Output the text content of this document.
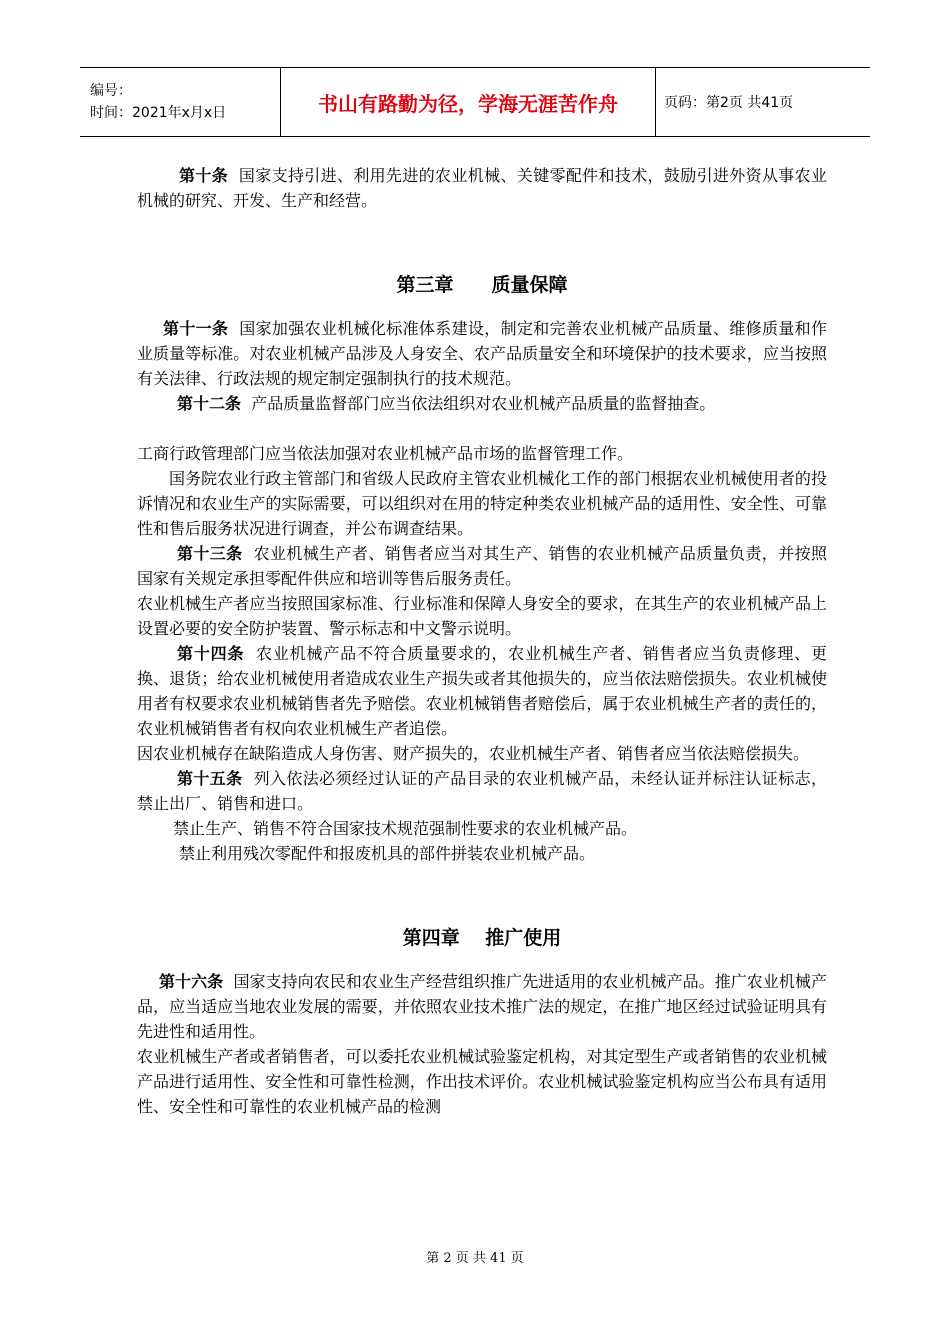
编号：
时间：2021年x月x日	书山有路勤为径，学海无涯苦作舟	页码：第2页 共41页

第十条 国家支持引进、利用先进的农业机械、关键零配件和技术，鼓励引进外资从事农业机械的研究、开发、生产和经营。

第三章　　质量保障

第十一条 国家加强农业机械化标准体系建设，制定和完善农业机械产品质量、维修质量和作业质量等标准。对农业机械产品涉及人身安全、农产品质量安全和环境保护的技术要求，应当按照有关法律、行政法规的规定制定强制执行的技术规范。

第十二条 产品质量监督部门应当依法组织对农业机械产品质量的监督抽查。

工商行政管理部门应当依法加强对农业机械产品市场的监督管理工作。

国务院农业行政主管部门和省级人民政府主管农业机械化工作的部门根据农业机械使用者的投诉情况和农业生产的实际需要，可以组织对在用的特定种类农业机械产品的适用性、安全性、可靠性和售后服务状况进行调查，并公布调查结果。

第十三条 农业机械生产者、销售者应当对其生产、销售的农业机械产品质量负责，并按照国家有关规定承担零配件供应和培训等售后服务责任。

农业机械生产者应当按照国家标准、行业标准和保障人身安全的要求，在其生产的农业机械产品上设置必要的安全防护装置、警示标志和中文警示说明。

第十四条 农业机械产品不符合质量要求的，农业机械生产者、销售者应当负责修理、更换、退货；给农业机械使用者造成农业生产损失或者其他损失的，应当依法赔偿损失。农业机械使用者有权要求农业机械销售者先予赔偿。农业机械销售者赔偿后，属于农业机械生产者的责任的，农业机械销售者有权向农业机械生产者追偿。

因农业机械存在缺陷造成人身伤害、财产损失的，农业机械生产者、销售者应当依法赔偿损失。

第十五条 列入依法必须经过认证的产品目录的农业机械产品，未经认证并标注认证标志，禁止出厂、销售和进口。

禁止生产、销售不符合国家技术规范强制性要求的农业机械产品。

禁止利用残次零配件和报废机具的部件拼装农业机械产品。

第四章　 推广使用

第十六条 国家支持向农民和农业生产经营组织推广先进适用的农业机械产品。推广农业机械产品，应当适应当地农业发展的需要，并依照农业技术推广法的规定，在推广地区经过试验证明具有先进性和适用性。

农业机械生产者或者销售者，可以委托农业机械试验鉴定机构，对其定型生产或者销售的农业机械产品进行适用性、安全性和可靠性检测，作出技术评价。农业机械试验鉴定机构应当公布具有适用性、安全性和可靠性的农业机械产品的检测

第 2 页 共 41 页
